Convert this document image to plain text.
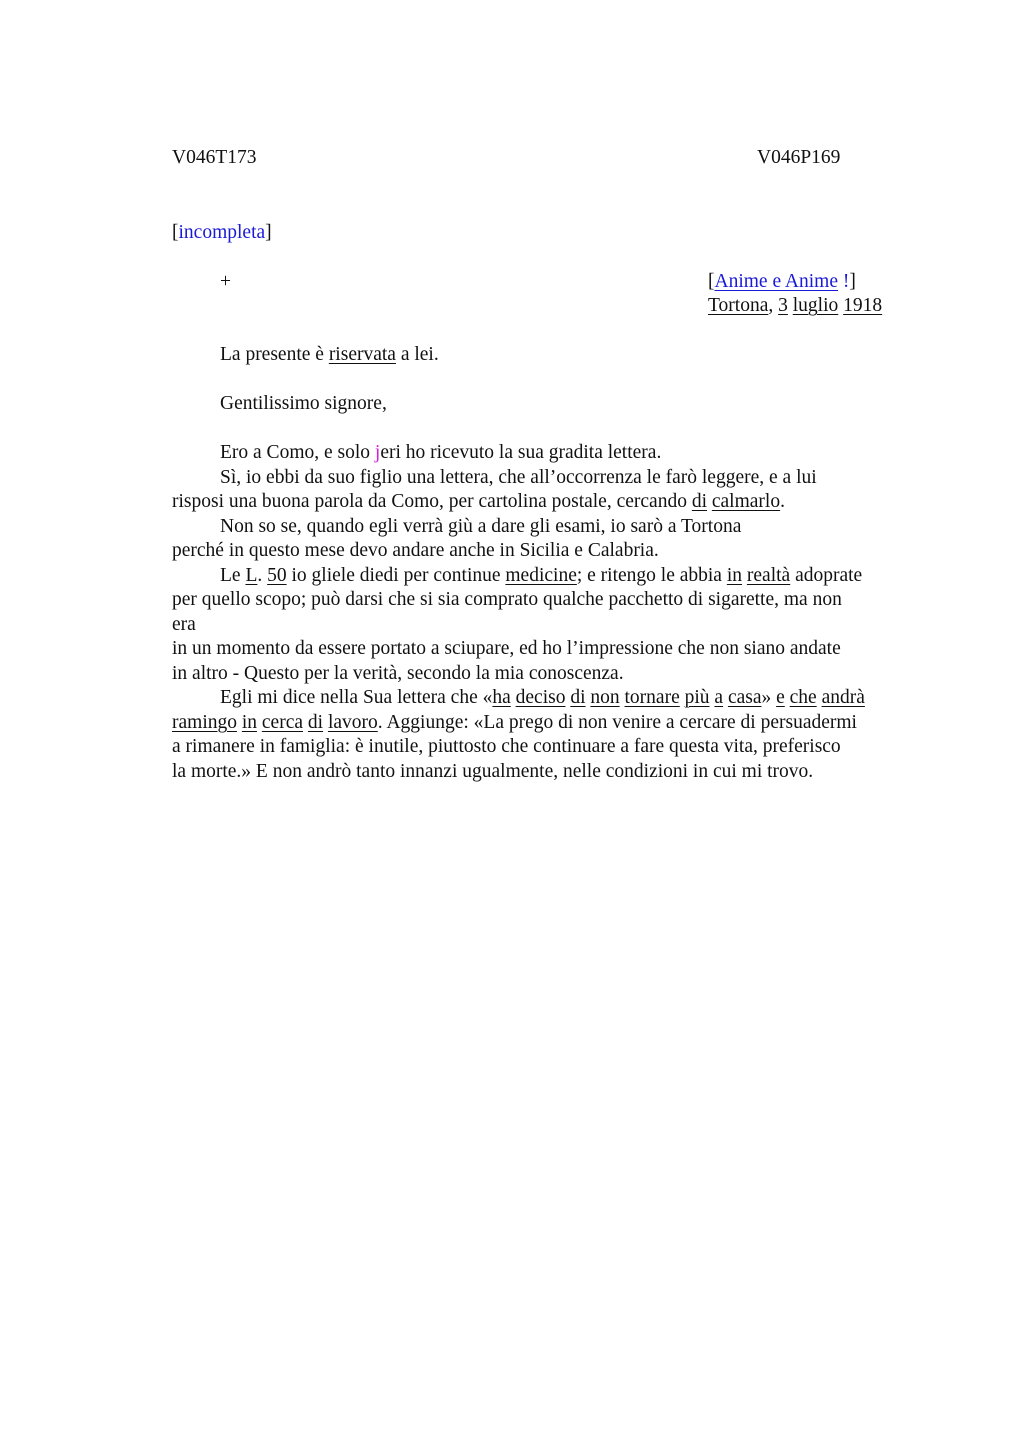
V046T173	V046P169
[incompleta]
+	[Anime e Anime !]
Tortona, 3 luglio 1918
La presente è riservata a lei.
Gentilissimo signore,
Ero a Como, e solo jeri ho ricevuto la sua gradita lettera.
Sì, io ebbi da suo figlio una lettera, che all’occorrenza le farò leggere, e a lui
risposi una buona parola da Como, per cartolina postale, cercando di calmarlo.
Non so se, quando egli verrà giù a dare gli esami, io sarò a Tortona
perché in questo mese devo andare anche in Sicilia e Calabria.
Le L. 50 io gliele diedi per continue medicine; e ritengo le abbia in realtà adoprate
per quello scopo; può darsi che si sia comprato qualche pacchetto di sigarette, ma non
era
in un momento da essere portato a sciupare, ed ho l’impressione che non siano andate
in altro - Questo per la verità, secondo la mia conoscenza.
Egli mi dice nella Sua lettera che «ha deciso di non tornare più a casa» e che andrà
ramingo in cerca di lavoro. Aggiunge: «La prego di non venire a cercare di persuadermi
a rimanere in famiglia: è inutile, piuttosto che continuare a fare questa vita, preferisco
la morte.» E non andrò tanto innanzi ugualmente, nelle condizioni in cui mi trovo.
